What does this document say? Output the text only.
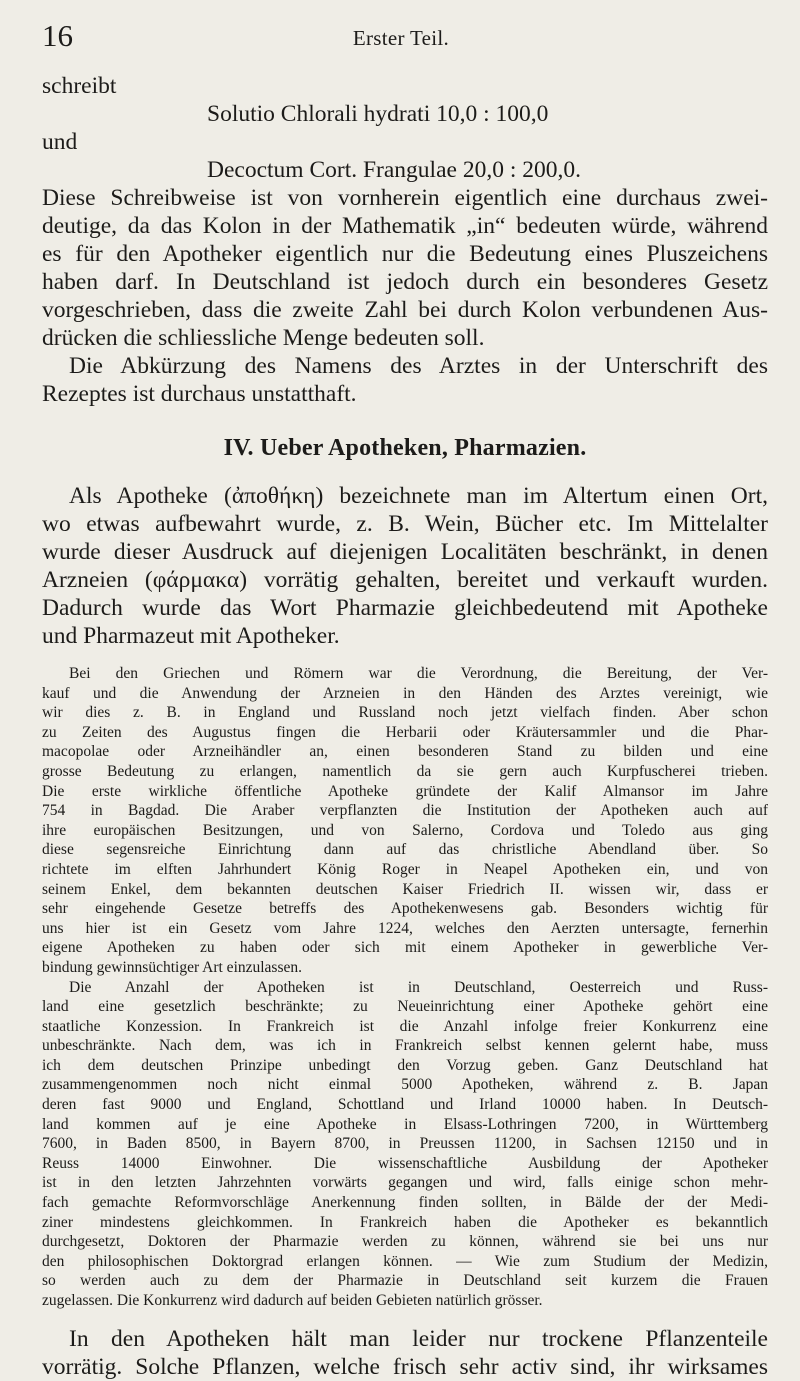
16	Erster Teil.
schreibt
Solutio Chlorali hydrati 10,0 : 100,0
und
Decoctum Cort. Frangulae 20,0 : 200,0.
Diese Schreibweise ist von vornherein eigentlich eine durchaus zwei-
deutige, da das Kolon in der Mathematik „in“ bedeuten würde, während
es für den Apotheker eigentlich nur die Bedeutung eines Pluszeichens
haben darf. In Deutschland ist jedoch durch ein besonderes Gesetz
vorgeschrieben, dass die zweite Zahl bei durch Kolon verbundenen Aus-
drücken die schliessliche Menge bedeuten soll.
Die Abkürzung des Namens des Arztes in der Unterschrift des
Rezeptes ist durchaus unstatthaft.
IV. Ueber Apotheken, Pharmazien.
Als Apotheke (ἀποθήκη) bezeichnete man im Altertum einen Ort,
wo etwas aufbewahrt wurde, z. B. Wein, Bücher etc. Im Mittelalter
wurde dieser Ausdruck auf diejenigen Localitäten beschränkt, in denen
Arzneien (φάρμακα) vorrätig gehalten, bereitet und verkauft wurden.
Dadurch wurde das Wort Pharmazie gleichbedeutend mit Apotheke
und Pharmazeut mit Apotheker.
Bei den Griechen und Römern war die Verordnung, die Bereitung, der Ver-
kauf und die Anwendung der Arzneien in den Händen des Arztes vereinigt, wie
wir dies z. B. in England und Russland noch jetzt vielfach finden. Aber schon
zu Zeiten des Augustus fingen die Herbarii oder Kräutersammler und die Phar-
macopolae oder Arzneihändler an, einen besonderen Stand zu bilden und eine
grosse Bedeutung zu erlangen, namentlich da sie gern auch Kurpfuscherei trieben.
Die erste wirkliche öffentliche Apotheke gründete der Kalif Almansor im Jahre
754 in Bagdad. Die Araber verpflanzten die Institution der Apotheken auch auf
ihre europäischen Besitzungen, und von Salerno, Cordova und Toledo aus ging
diese segensreiche Einrichtung dann auf das christliche Abendland über. So
richtete im elften Jahrhundert König Roger in Neapel Apotheken ein, und von
seinem Enkel, dem bekannten deutschen Kaiser Friedrich II. wissen wir, dass er
sehr eingehende Gesetze betreffs des Apothekenwesens gab. Besonders wichtig für
uns hier ist ein Gesetz vom Jahre 1224, welches den Aerzten untersagte, fernerhin
eigene Apotheken zu haben oder sich mit einem Apotheker in gewerbliche Ver-
bindung gewinnsüchtiger Art einzulassen.
Die Anzahl der Apotheken ist in Deutschland, Oesterreich und Russ-
land eine gesetzlich beschränkte; zu Neueinrichtung einer Apotheke gehört eine
staatliche Konzession. In Frankreich ist die Anzahl infolge freier Konkurrenz eine
unbeschränkte. Nach dem, was ich in Frankreich selbst kennen gelernt habe, muss
ich dem deutschen Prinzipe unbedingt den Vorzug geben. Ganz Deutschland hat
zusammengenommen noch nicht einmal 5000 Apotheken, während z. B. Japan
deren fast 9000 und England, Schottland und Irland 10000 haben. In Deutsch-
land kommen auf je eine Apotheke in Elsass-Lothringen 7200, in Württemberg
7600, in Baden 8500, in Bayern 8700, in Preussen 11200, in Sachsen 12150 und in
Reuss 14000 Einwohner. Die wissenschaftliche Ausbildung der Apotheker
ist in den letzten Jahrzehnten vorwärts gegangen und wird, falls einige schon mehr-
fach gemachte Reformvorschläge Anerkennung finden sollten, in Bälde der der Medi-
ziner mindestens gleichkommen. In Frankreich haben die Apotheker es bekanntlich
durchgesetzt, Doktoren der Pharmazie werden zu können, während sie bei uns nur
den philosophischen Doktorgrad erlangen können. — Wie zum Studium der Medizin,
so werden auch zu dem der Pharmazie in Deutschland seit kurzem die Frauen
zugelassen. Die Konkurrenz wird dadurch auf beiden Gebieten natürlich grösser.
In den Apotheken hält man leider nur trockene Pflanzenteile
vorrätig. Solche Pflanzen, welche frisch sehr activ sind, ihr wirksames
